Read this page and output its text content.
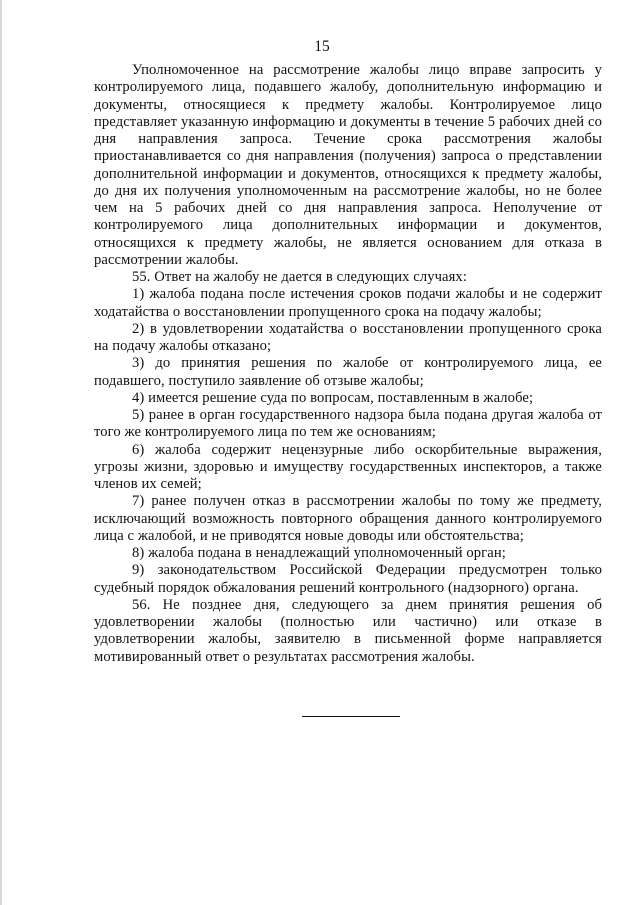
15

Уполномоченное на рассмотрение жалобы лицо вправе запросить у контролируемого лица, подавшего жалобу, дополнительную информацию и документы, относящиеся к предмету жалобы. Контролируемое лицо представляет указанную информацию и документы в течение 5 рабочих дней со дня направления запроса. Течение срока рассмотрения жалобы приостанавливается со дня направления (получения) запроса о представлении дополнительной информации и документов, относящихся к предмету жалобы, до дня их получения уполномоченным на рассмотрение жалобы, но не более чем на 5 рабочих дней со дня направления запроса. Неполучение от контролируемого лица дополнительных информации и документов, относящихся к предмету жалобы, не является основанием для отказа в рассмотрении жалобы.

55. Ответ на жалобу не дается в следующих случаях:

1) жалоба подана после истечения сроков подачи жалобы и не содержит ходатайства о восстановлении пропущенного срока на подачу жалобы;

2) в удовлетворении ходатайства о восстановлении пропущенного срока на подачу жалобы отказано;

3) до принятия решения по жалобе от контролируемого лица, ее подавшего, поступило заявление об отзыве жалобы;

4) имеется решение суда по вопросам, поставленным в жалобе;

5) ранее в орган государственного надзора была подана другая жалоба от того же контролируемого лица по тем же основаниям;

6) жалоба содержит нецензурные либо оскорбительные выражения, угрозы жизни, здоровью и имуществу государственных инспекторов, а также членов их семей;

7) ранее получен отказ в рассмотрении жалобы по тому же предмету, исключающий возможность повторного обращения данного контролируемого лица с жалобой, и не приводятся новые доводы или обстоятельства;

8) жалоба подана в ненадлежащий уполномоченный орган;

9) законодательством Российской Федерации предусмотрен только судебный порядок обжалования решений контрольного (надзорного) органа.

56. Не позднее дня, следующего за днем принятия решения об удовлетворении жалобы (полностью или частично) или отказе в удовлетворении жалобы, заявителю в письменной форме направляется мотивированный ответ о результатах рассмотрения жалобы.
